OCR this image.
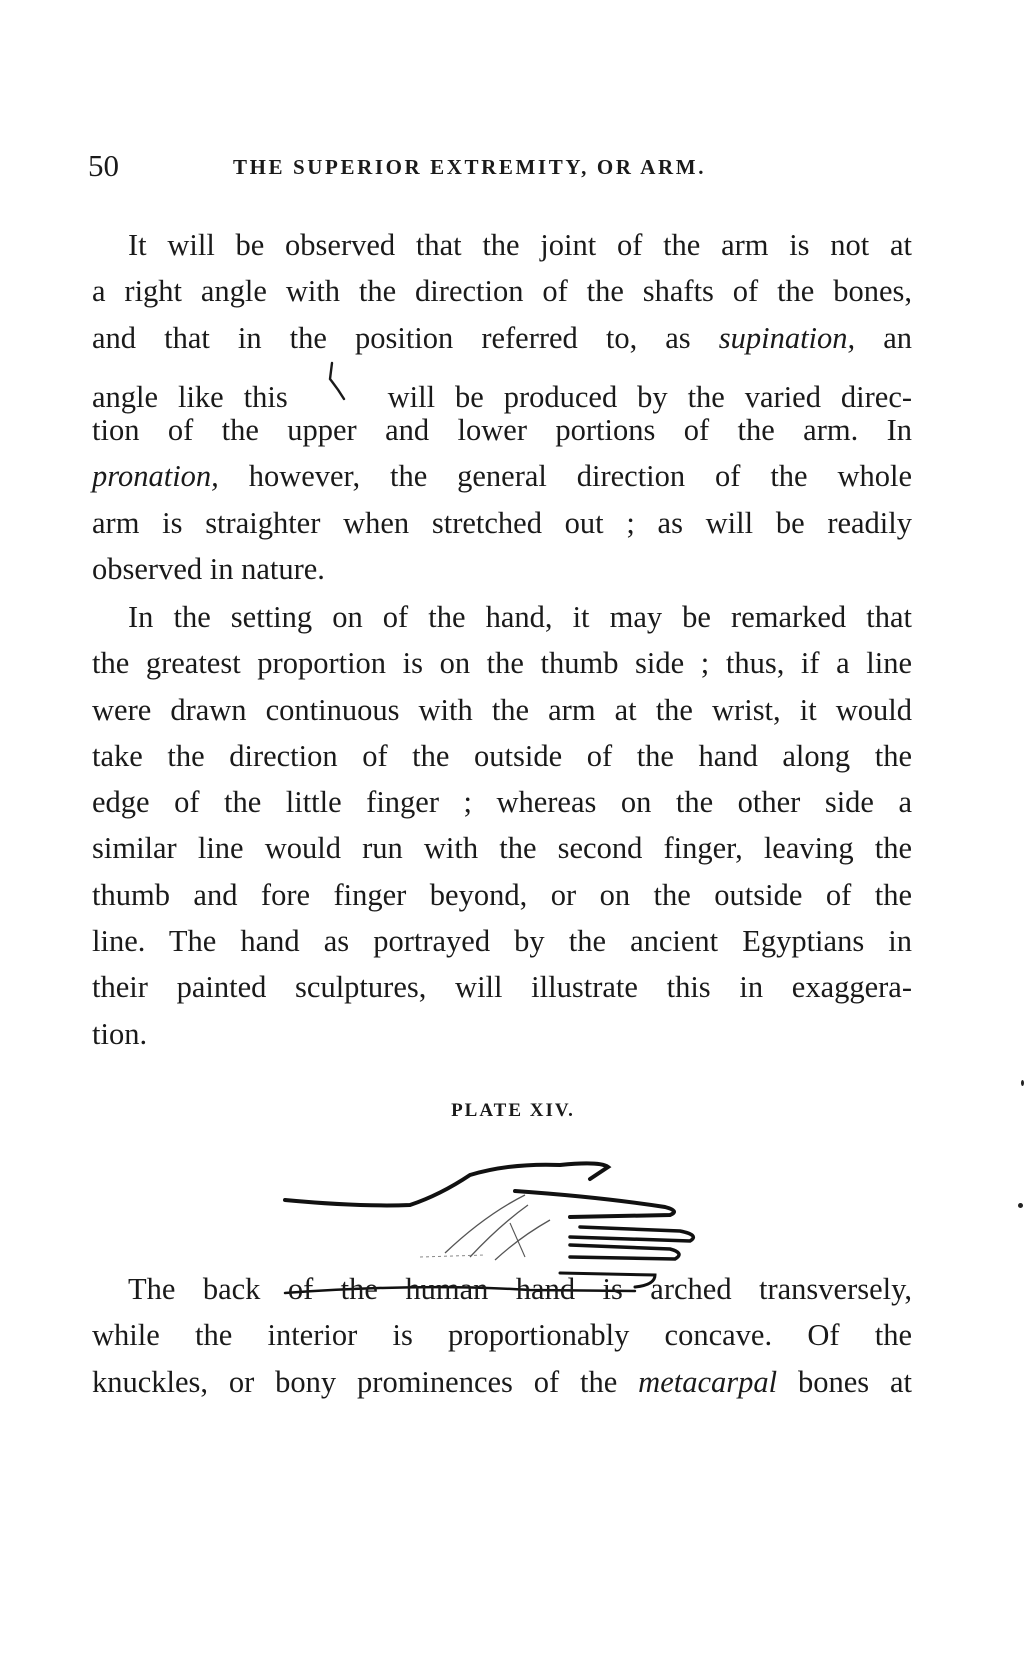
50	THE SUPERIOR EXTREMITY, OR ARM.
It will be observed that the joint of the arm is not at
a right angle with the direction of the shafts of the bones,
and that in the position referred to, as supination, an
angle like this	will be produced by the varied direc-
tion of the upper and lower portions of the arm. In
pronation, however, the general direction of the whole
arm is straighter when stretched out ; as will be readily
observed in nature.
In the setting on of the hand, it may be remarked that
the greatest proportion is on the thumb side ; thus, if a line
were drawn continuous with the arm at the wrist, it would
take the direction of the outside of the hand along the
edge of the little finger ; whereas on the other side a
similar line would run with the second finger, leaving the
thumb and fore finger beyond, or on the outside of the
line. The hand as portrayed by the ancient Egyptians in
their painted sculptures, will illustrate this in exaggera-
tion.
PLATE XIV.
The back of the human hand is arched transversely,
while the interior is proportionably concave. Of the
knuckles, or bony prominences of the metacarpal bones at
